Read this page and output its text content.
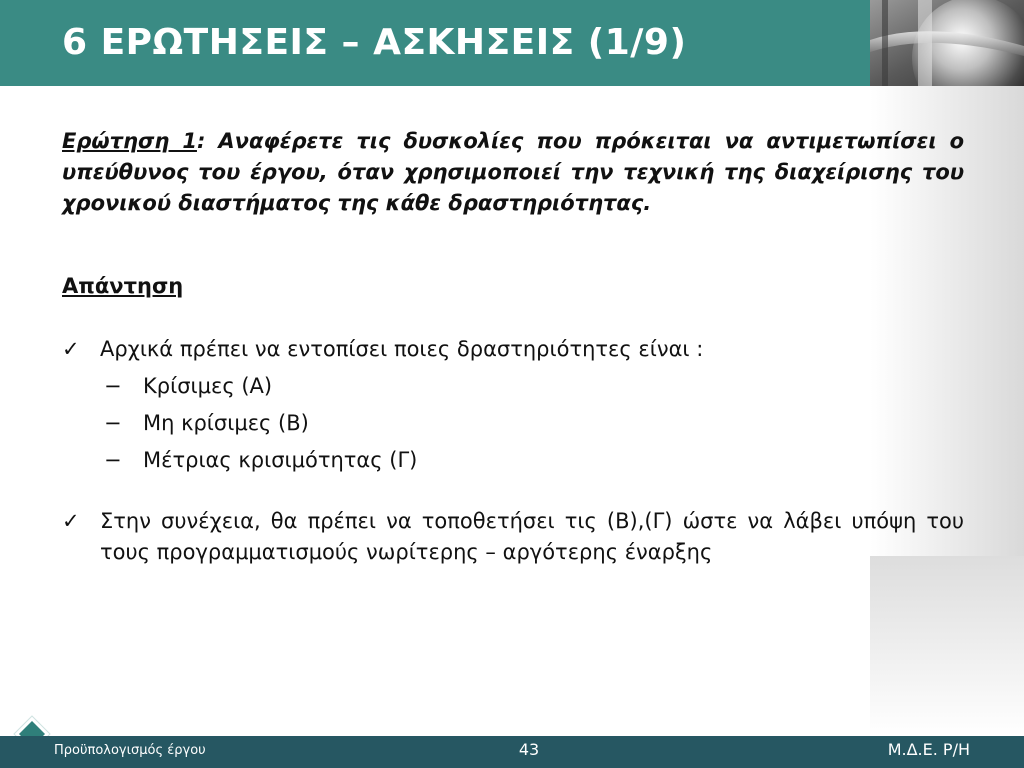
6 ΕΡΩΤΗΣΕΙΣ – ΑΣΚΗΣΕΙΣ (1/9)

Ερώτηση 1: Αναφέρετε τις δυσκολίες που πρόκειται να αντιμετωπίσει ο υπεύθυνος του έργου, όταν χρησιμοποιεί την τεχνική της διαχείρισης του χρονικού διαστήματος της κάθε δραστηριότητας.

Απάντηση

✓ Αρχικά πρέπει να εντοπίσει ποιες δραστηριότητες είναι :
− Κρίσιμες (Α)
− Μη κρίσιμες (Β)
− Μέτριας κρισιμότητας (Γ)
✓ Στην συνέχεια, θα πρέπει να τοποθετήσει τις (Β),(Γ) ώστε να λάβει υπόψη του τους προγραμματισμούς νωρίτερης – αργότερης έναρξης
Προϋπολογισμός έργου	43	Μ.Δ.Ε. Ρ/Η
